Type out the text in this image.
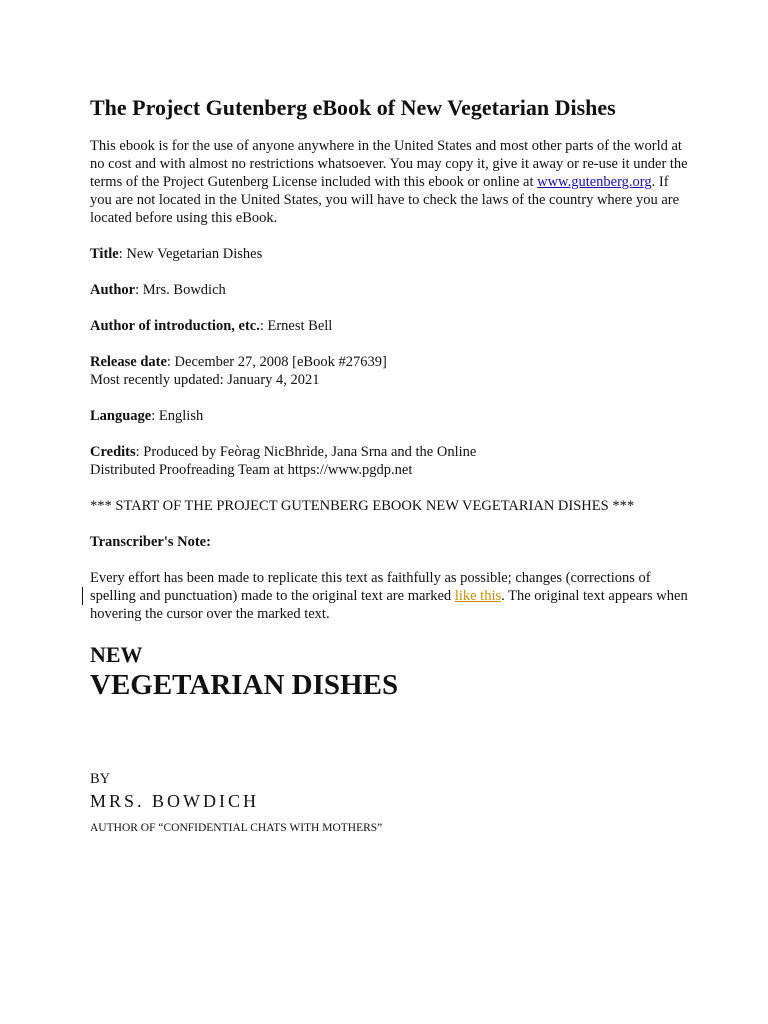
The Project Gutenberg eBook of New Vegetarian Dishes
This ebook is for the use of anyone anywhere in the United States and most other parts of the world at no cost and with almost no restrictions whatsoever. You may copy it, give it away or re-use it under the terms of the Project Gutenberg License included with this ebook or online at www.gutenberg.org. If you are not located in the United States, you will have to check the laws of the country where you are located before using this eBook.
Title: New Vegetarian Dishes
Author: Mrs. Bowdich
Author of introduction, etc.: Ernest Bell
Release date: December 27, 2008 [eBook #27639]
Most recently updated: January 4, 2021
Language: English
Credits: Produced by Feòrag NicBhrìde, Jana Srna and the Online
Distributed Proofreading Team at https://www.pgdp.net
*** START OF THE PROJECT GUTENBERG EBOOK NEW VEGETARIAN DISHES ***
Transcriber's Note:
Every effort has been made to replicate this text as faithfully as possible; changes (corrections of spelling and punctuation) made to the original text are marked like this. The original text appears when hovering the cursor over the marked text.
NEW
VEGETARIAN DISHES
BY
MRS. BOWDICH
AUTHOR OF “CONFIDENTIAL CHATS WITH MOTHERS”
